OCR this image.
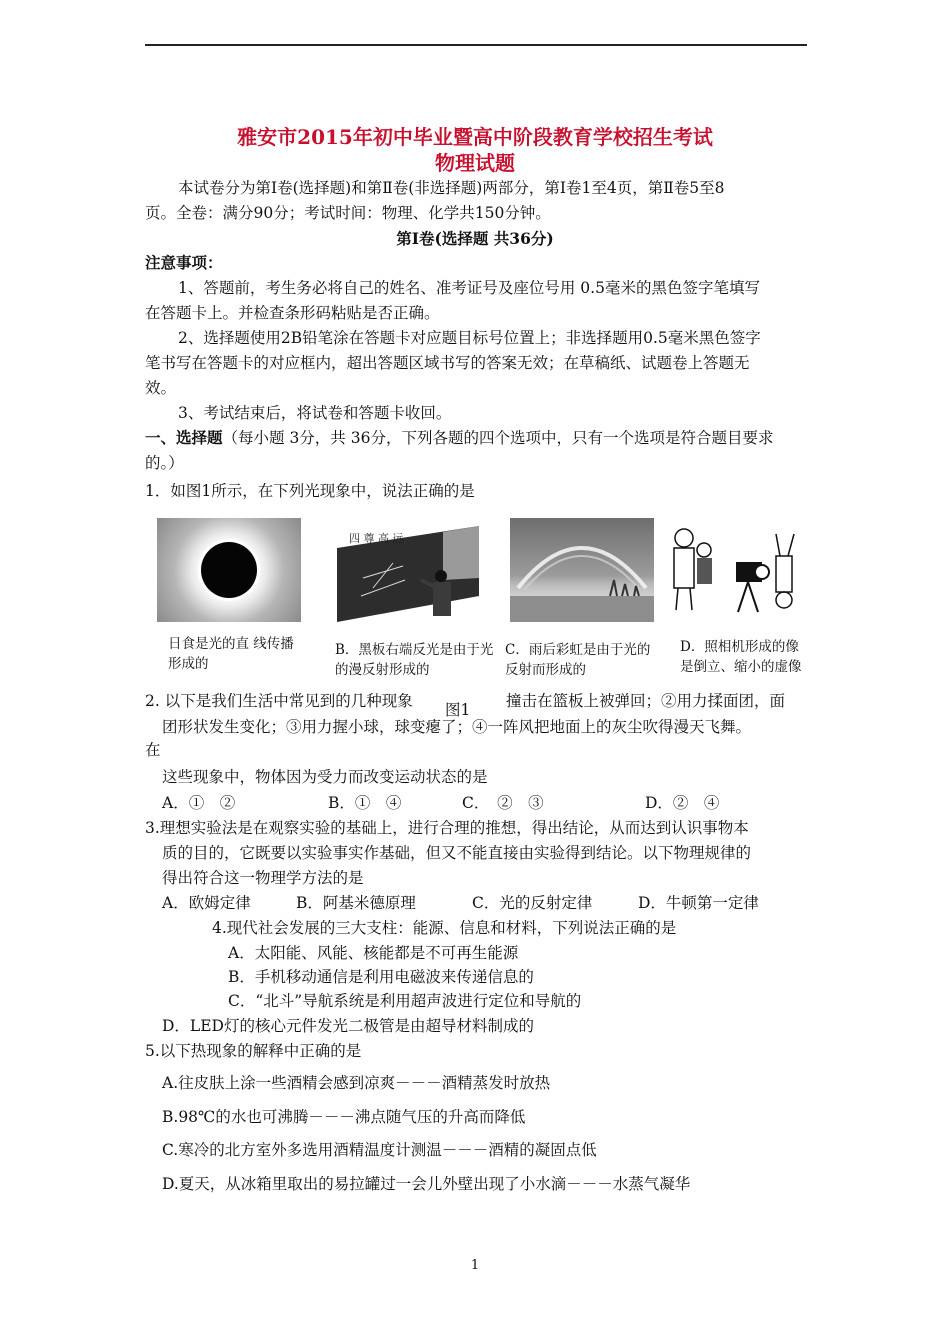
雅安市2015年初中毕业暨高中阶段教育学校招生考试
物理试题
本试卷分为第Ⅰ卷(选择题)和第Ⅱ卷(非选择题)两部分，第Ⅰ卷1至4页，第Ⅱ卷5至8
页。全卷：满分90分；考试时间：物理、化学共150分钟。
第Ⅰ卷(选择题 共36分)
注意事项：
1、答题前，考生务必将自己的姓名、准考证号及座位号用 0.5毫米的黑色签字笔填写
在答题卡上。并检查条形码粘贴是否正确。
2、选择题使用2B铅笔涂在答题卡对应题目标号位置上；非选择题用0.5毫米黑色签字
笔书写在答题卡的对应框内，超出答题区域书写的答案无效；在草稿纸、试题卷上答题无
效。
3、考试结束后，将试卷和答题卡收回。
一、选择题（每小题 3分，共 36分，下列各题的四个选项中，只有一个选项是符合题目要求
的。）
1．如图1所示，在下列光现象中，说法正确的是
四 尊 高 远
日食是光的直 线传播形成的
B．黑板右端反光是由于光的漫反射形成的
C．雨后彩虹是由于光的反射而形成的
D．照相机形成的像是倒立、缩小的虚像
2. 以下是我们生活中常见到的几种现象 图1 撞击在篮板上被弹回；②用力揉面团，面
团形状发生变化；③用力握小球，球变瘪了；④一阵风把地面上的灰尘吹得漫天飞舞。
在
这些现象中，物体因为受力而改变运动状态的是
A．①　②	B．①　④	C．　②　③	D．②　④
3.理想实验法是在观察实验的基础上，进行合理的推想，得出结论，从而达到认识事物本
质的目的，它既要以实验事实作基础，但又不能直接由实验得到结论。以下物理规律的
得出符合这一物理学方法的是
A．欧姆定律	B．阿基米德原理	C．光的反射定律	D．牛顿第一定律
4.现代社会发展的三大支柱：能源、信息和材料，下列说法正确的是
A．太阳能、风能、核能都是不可再生能源
B．手机移动通信是利用电磁波来传递信息的
C．“北斗”导航系统是利用超声波进行定位和导航的
D．LED灯的核心元件发光二极管是由超导材料制成的
5.以下热现象的解释中正确的是
A.往皮肤上涂一些酒精会感到凉爽－－－酒精蒸发时放热
B.98℃的水也可沸腾－－－沸点随气压的升高而降低
C.寒冷的北方室外多选用酒精温度计测温－－－酒精的凝固点低
D.夏天，从冰箱里取出的易拉罐过一会儿外壁出现了小水滴－－－水蒸气凝华
1
